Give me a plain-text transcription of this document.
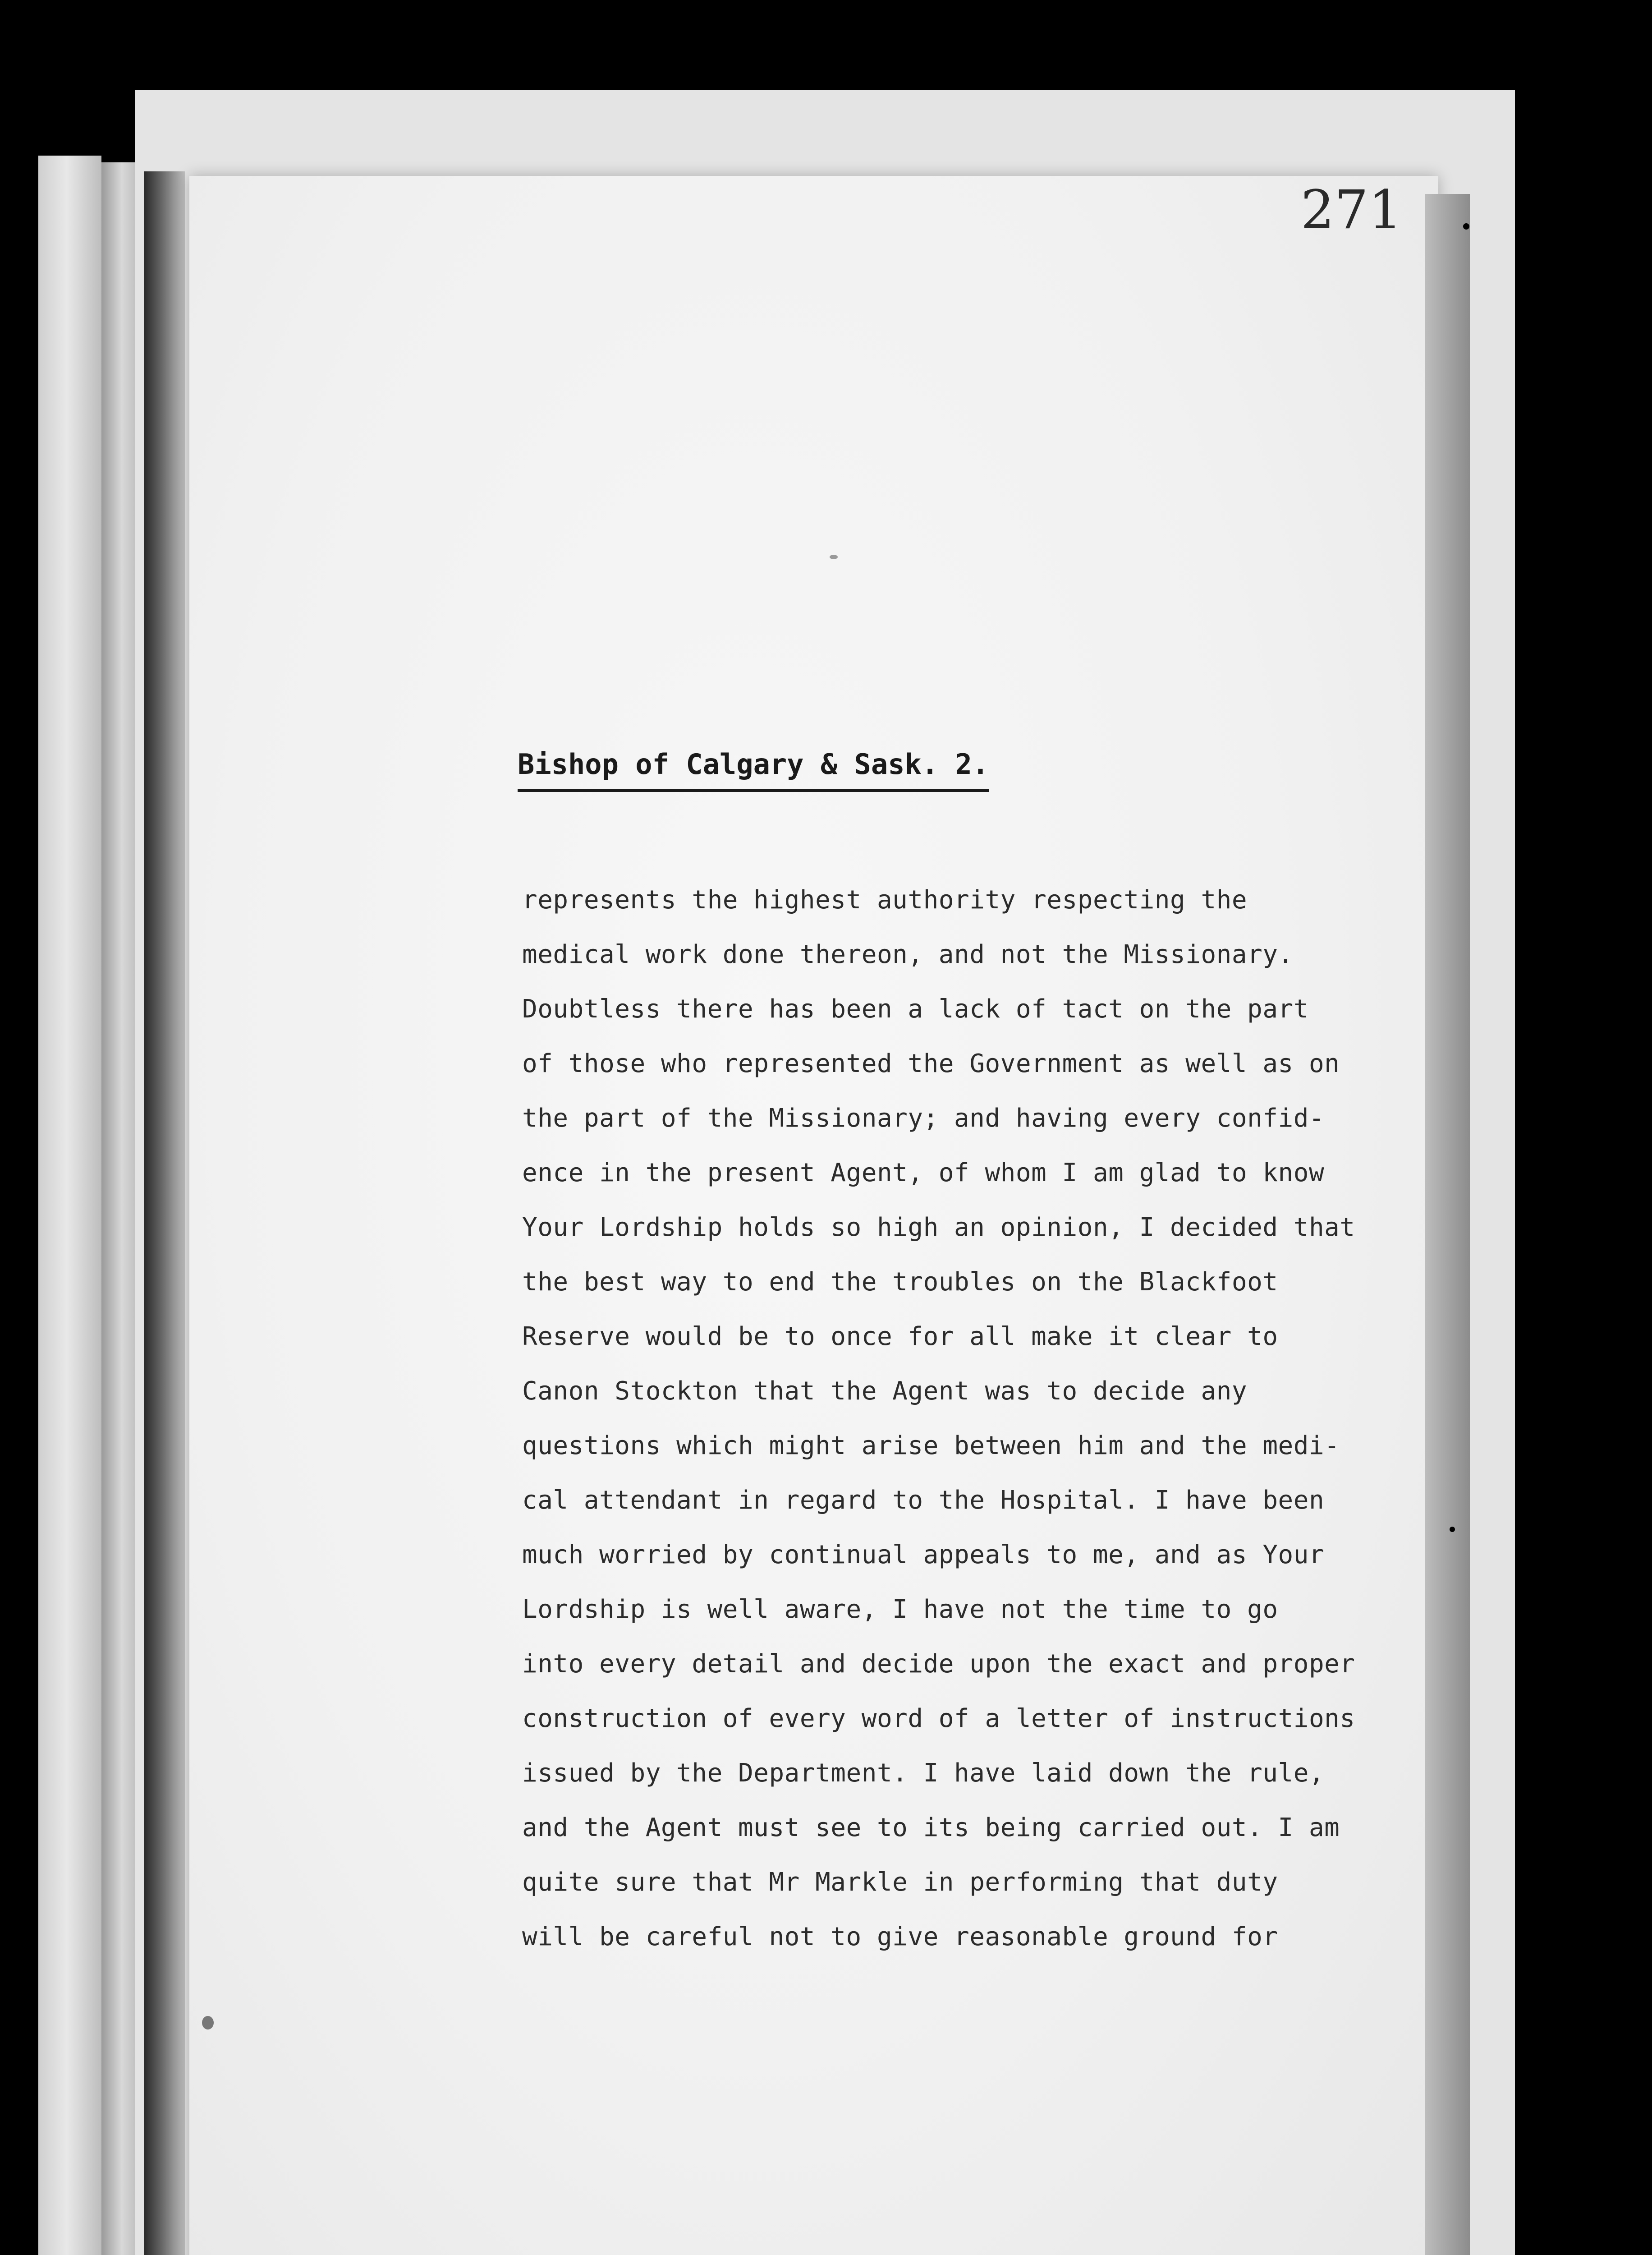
271
Bishop of Calgary & Sask. 2.
represents the highest authority respecting the
medical work done thereon, and not the Missionary.
Doubtless there has been a lack of tact on the part
of those who represented the Government as well as on
the part of the Missionary; and having every confid-
ence in the present Agent, of whom I am glad to know
Your Lordship holds so high an opinion, I decided that
the best way to end the troubles on the Blackfoot
Reserve would be to once for all make it clear to
Canon Stockton that the Agent was to decide any
questions which might arise between him and the medi-
cal attendant in regard to the Hospital. I have been
much worried by continual appeals to me, and as Your
Lordship is well aware, I have not the time to go
into every detail and decide upon the exact and proper
construction of every word of a letter of instructions
issued by the Department. I have laid down the rule,
and the Agent must see to its being carried out. I am
quite sure that Mr Markle in performing that duty
will be careful not to give reasonable ground for
